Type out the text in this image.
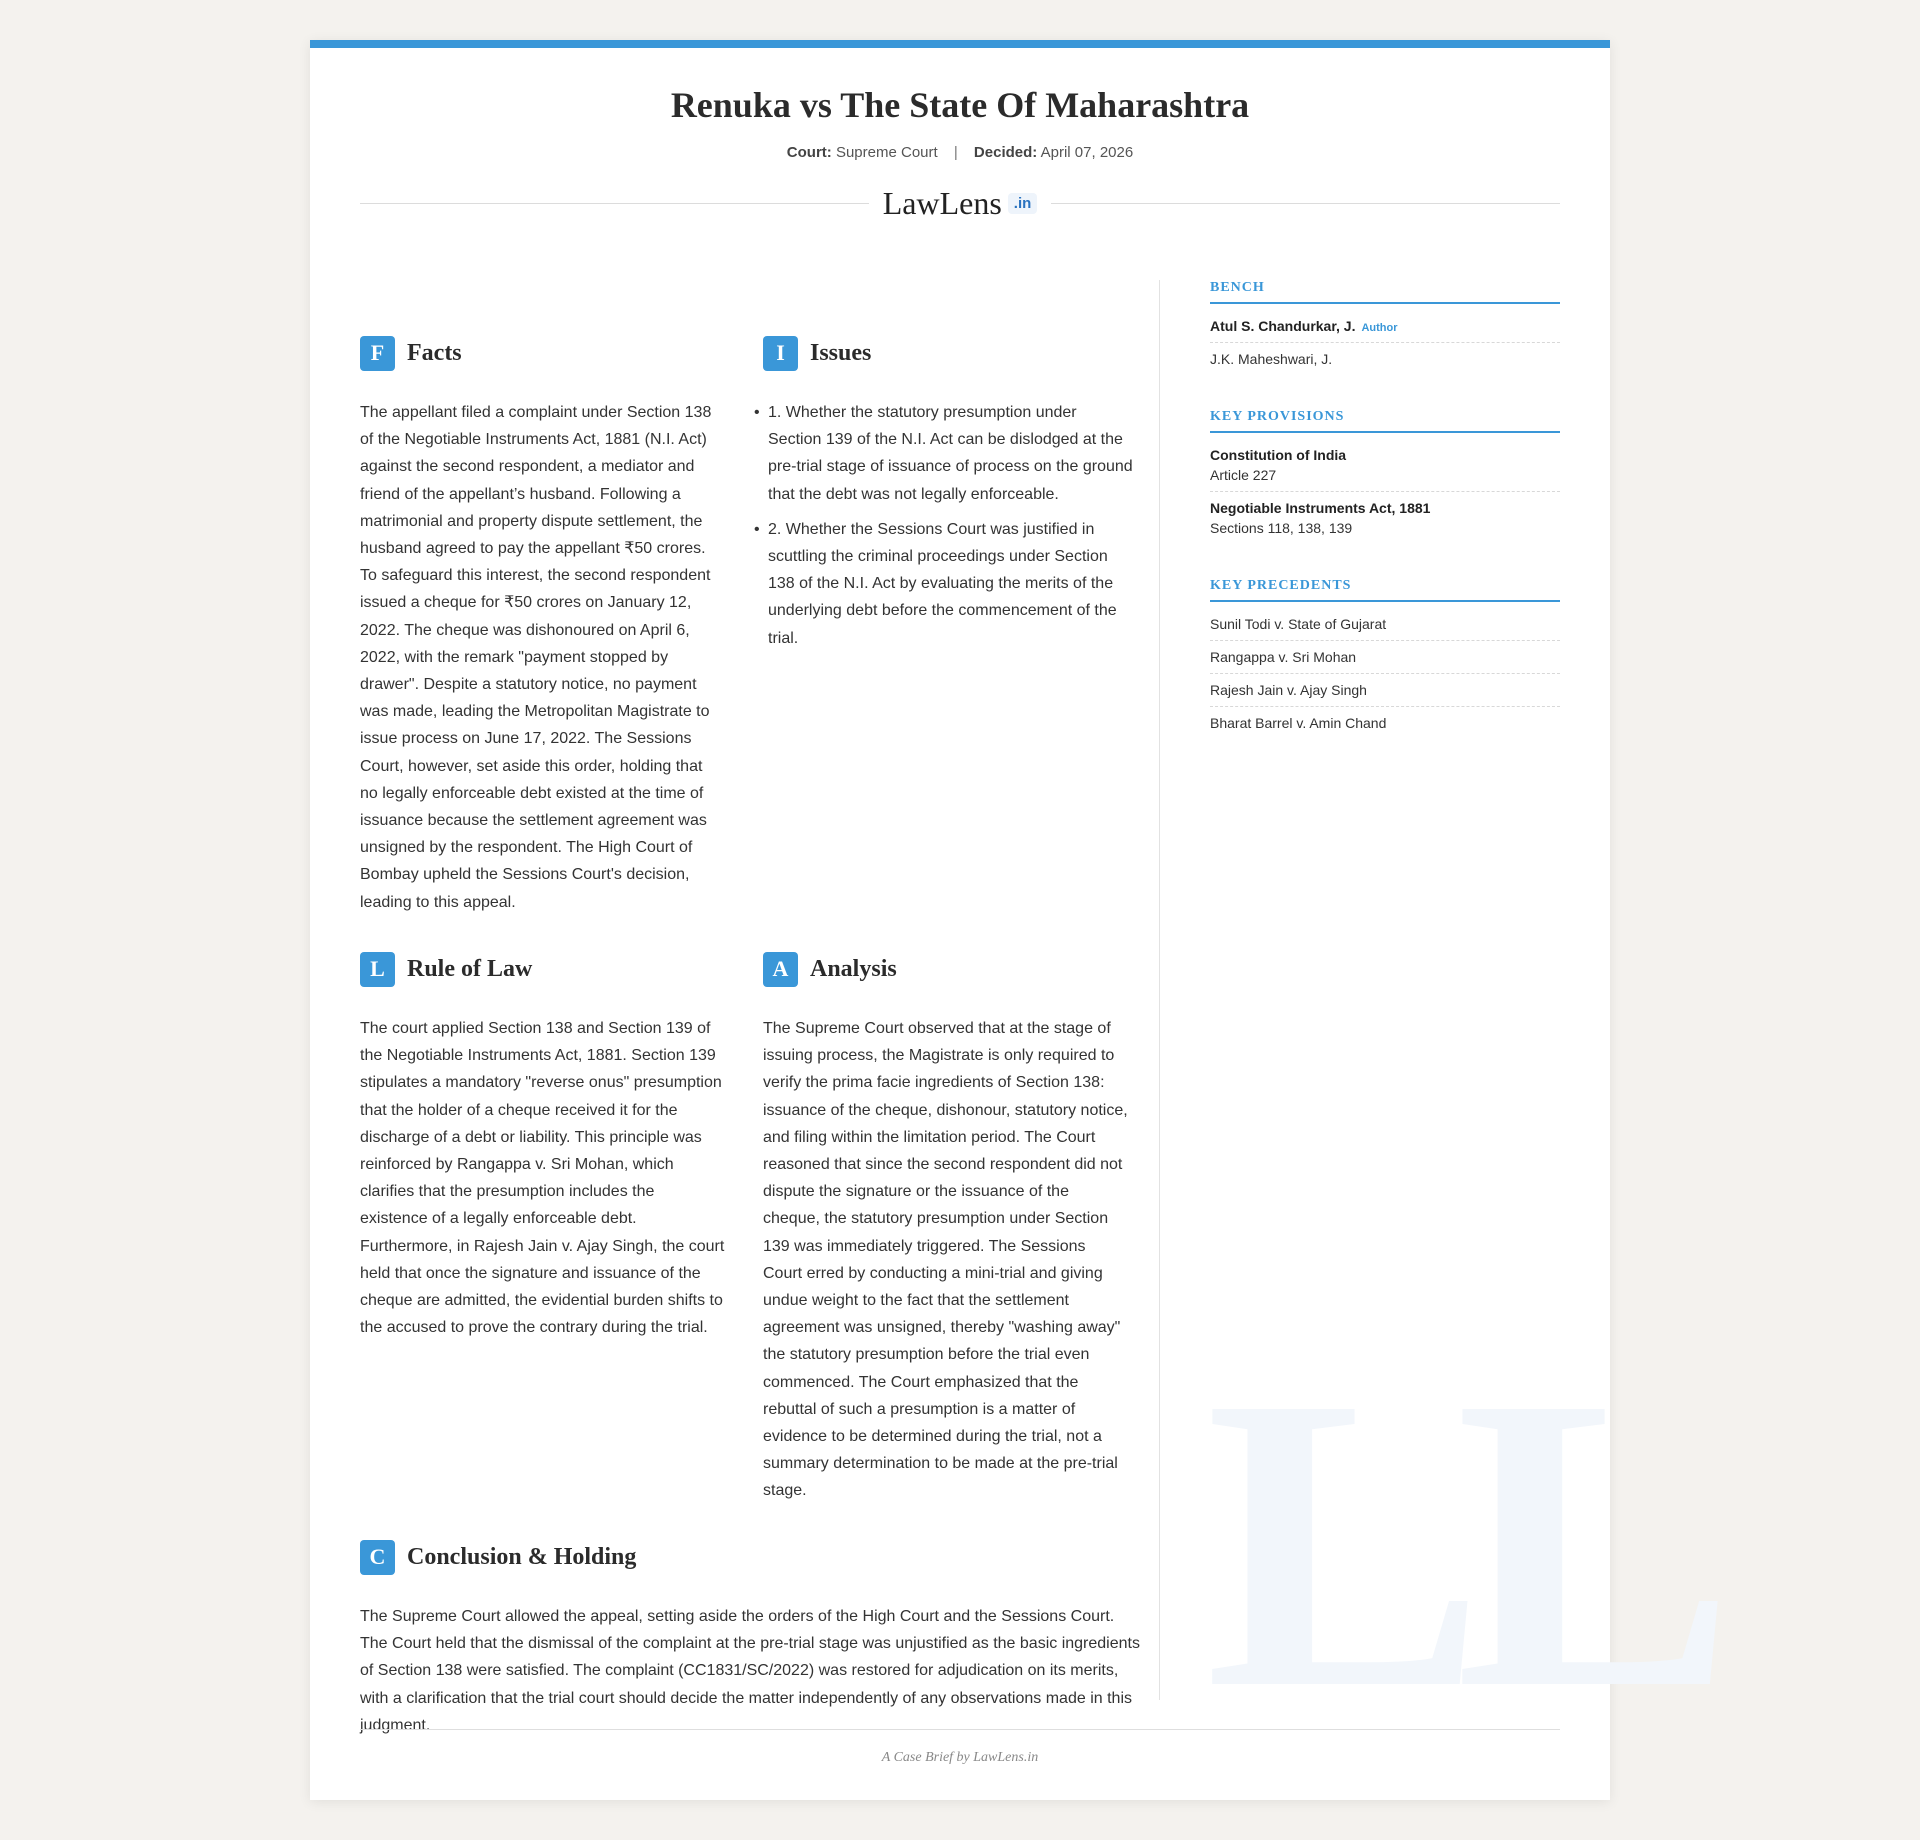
Renuka vs The State Of Maharashtra
Court: Supreme Court | Decided: April 07, 2026
LawLens .in
LL
F Facts

The appellant filed a complaint under Section 138 of the Negotiable Instruments Act, 1881 (N.I. Act) against the second respondent, a mediator and friend of the appellant’s husband. Following a matrimonial and property dispute settlement, the husband agreed to pay the appellant ₹50 crores. To safeguard this interest, the second respondent issued a cheque for ₹50 crores on January 12, 2022. The cheque was dishonoured on April 6, 2022, with the remark "payment stopped by drawer". Despite a statutory notice, no payment was made, leading the Metropolitan Magistrate to issue process on June 17, 2022. The Sessions Court, however, set aside this order, holding that no legally enforceable debt existed at the time of issuance because the settlement agreement was unsigned by the respondent. The High Court of Bombay upheld the Sessions Court's decision, leading to this appeal.

I	Issues
• 1. Whether the statutory presumption under Section 139 of the N.I. Act can be dislodged at the pre-trial stage of issuance of process on the ground that the debt was not legally enforceable.
• 2. Whether the Sessions Court was justified in scuttling the criminal proceedings under Section 138 of the N.I. Act by evaluating the merits of the underlying debt before the commencement of the trial.
L Rule of Law

The court applied Section 138 and Section 139 of the Negotiable Instruments Act, 1881. Section 139 stipulates a mandatory "reverse onus" presumption that the holder of a cheque received it for the discharge of a debt or liability. This principle was reinforced by Rangappa v. Sri Mohan, which clarifies that the presumption includes the existence of a legally enforceable debt. Furthermore, in Rajesh Jain v. Ajay Singh, the court held that once the signature and issuance of the cheque are admitted, the evidential burden shifts to the accused to prove the contrary during the trial.

A Analysis

The Supreme Court observed that at the stage of issuing process, the Magistrate is only required to verify the prima facie ingredients of Section 138: issuance of the cheque, dishonour, statutory notice, and filing within the limitation period. The Court reasoned that since the second respondent did not dispute the signature or the issuance of the cheque, the statutory presumption under Section 139 was immediately triggered. The Sessions Court erred by conducting a mini-trial and giving undue weight to the fact that the settlement agreement was unsigned, thereby "washing away" the statutory presumption before the trial even commenced. The Court emphasized that the rebuttal of such a presumption is a matter of evidence to be determined during the trial, not a summary determination to be made at the pre-trial stage.

C Conclusion & Holding

The Supreme Court allowed the appeal, setting aside the orders of the High Court and the Sessions Court. The Court held that the dismissal of the complaint at the pre-trial stage was unjustified as the basic ingredients of Section 138 were satisfied. The complaint (CC1831/SC/2022) was restored for adjudication on its merits, with a clarification that the trial court should decide the matter independently of any observations made in this judgment.

BENCH
Atul S. Chandurkar, J. Author
J.K. Maheshwari, J.
KEY PROVISIONS
Constitution of India
Article 227
Negotiable Instruments Act, 1881
Sections 118, 138, 139
KEY PRECEDENTS
Sunil Todi v. State of Gujarat
Rangappa v. Sri Mohan
Rajesh Jain v. Ajay Singh
Bharat Barrel v. Amin Chand
A Case Brief by LawLens.in
